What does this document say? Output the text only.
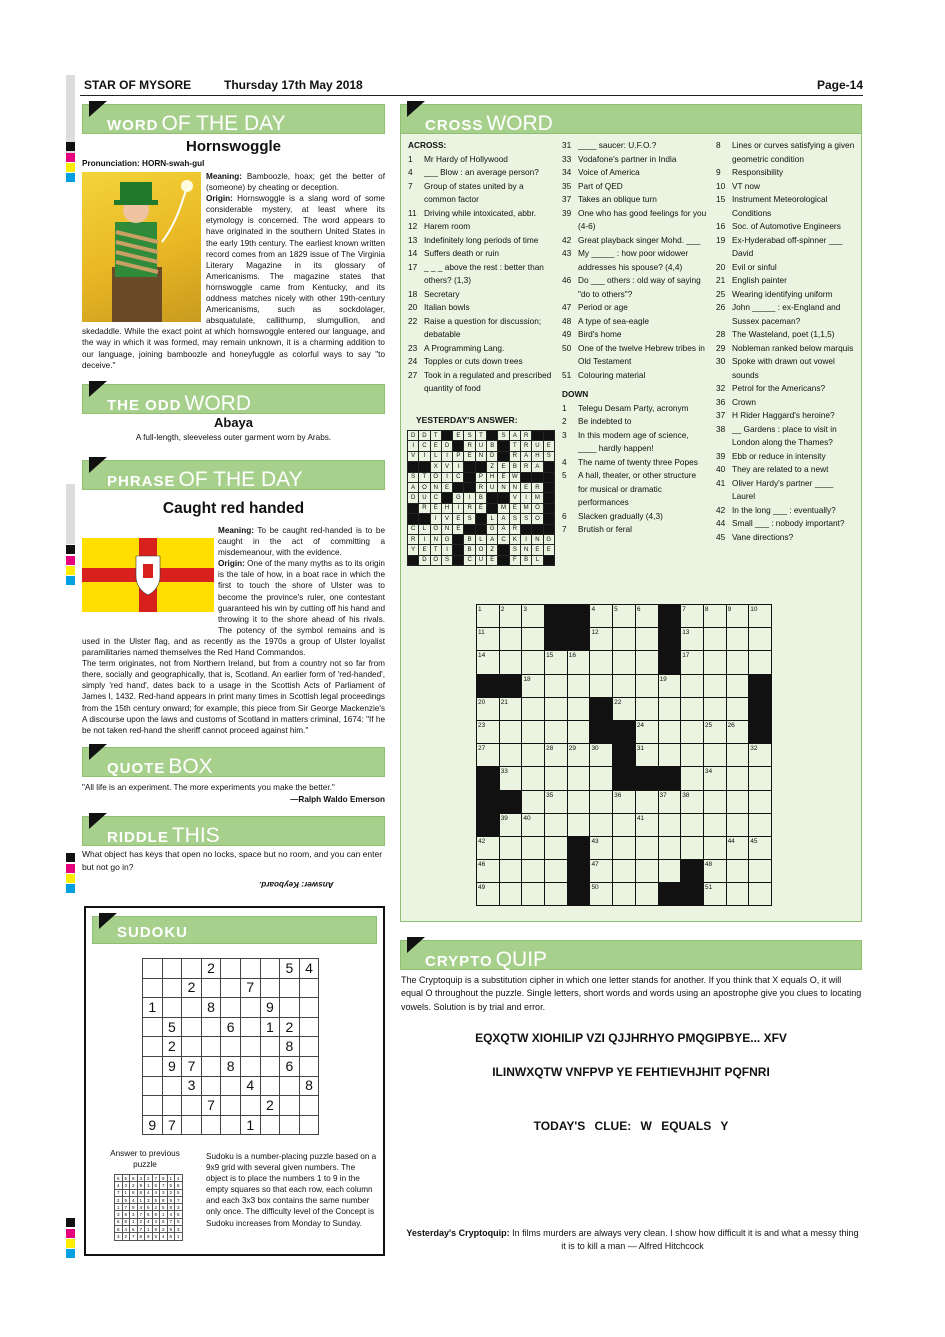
STAR OF MYSORE	Thursday 17th May 2018	Page-14
WORD OF THE DAY
Hornswoggle
Pronunciation: HORN-swah-gul
Meaning: Bamboozle, hoax; get the better of (someone) by cheating or deception.
Origin: Hornswoggle is a slang word of some considerable mystery, at least where its etymology is concerned. The word appears to have originated in the southern United States in the early 19th century. The earliest known written record comes from an 1829 issue of The Virginia Literary Magazine in its glossary of Americanisms. The magazine states that hornswoggle came from Kentucky, and its oddness matches nicely with other 19th-century Americanisms, such as sockdolager, absquatulate, callithump, slumgullion, and skedaddle. While the exact point at which hornswoggle entered our language, and the way in which it was formed, may remain unknown, it is a charming addition to our language, joining bamboozle and honeyfuggle as colorful ways to say "to deceive."
THE ODD WORD
Abaya
A full-length, sleeveless outer garment worn by Arabs.
PHRASE OF THE DAY
Caught red handed
Meaning: To be caught red-handed is to be caught in the act of committing a misdemeanour, with the evidence.
Origin: One of the many myths as to its origin is the tale of how, in a boat race in which the first to touch the shore of Ulster was to become the province's ruler, one contestant guaranteed his win by cutting off his hand and throwing it to the shore ahead of his rivals. The potency of the symbol remains and is used in the Ulster flag, and as recently as the 1970s a group of Ulster loyalist paramilitaries named themselves the Red Hand Commandos.
The term originates, not from Northern Ireland, but from a country not so far from there, socially and geographically, that is, Scotland. An earlier form of 'red-handed', simply 'red hand', dates back to a usage in the Scottish Acts of Parliament of James I, 1432. Red-hand appears in print many times in Scottish legal proceedings from the 15th century onward; for example, this piece from Sir George Mackenzie's A discourse upon the laws and customs of Scotland in matters criminal, 1674: "If he be not taken red-hand the sheriff cannot proceed against him."
QUOTE BOX
"All life is an experiment. The more experiments you make the better."
—Ralph Waldo Emerson
RIDDLE THIS
What object has keys that open no locks, space but no room, and you can enter but not go in?
Answer: Keyboard.
SUDOKU
			2				5	4
		2			7			
1			8			9		
	5			6		1	2	
	2						8	
	9	7		8			6	
		3			4			8
			7			2		
9	7				1			
Answer to previous puzzle
6	5	8	3	2	7	9	1	4
4	3	2	9	1	5	7	5	8
7	1	6	8	4	4	3	2	5
2	5	4	1	3	5	8	9	7
1	7	9	4	6	2	5	8	3
3	8	3	7	5	9	1	4	6
6	8	1	2	4	3	6	7	5
8	4	6	7	1	8	2	9	3
3	2	7	8	9	5	4	6	1
Sudoku is a number-placing puzzle based on a 9x9 grid with several given numbers. The object is to place the numbers 1 to 9 in the empty squares so that each row, each column and each 3x3 box contains the same number only once. The difficulty level of the Concept is Sudoku increases from Monday to Sunday.
CROSS WORD
ACROSS:
1	Mr Hardy of Hollywood
4	___ Blow : an average person?
7	Group of states united by a common factor
11 Driving while intoxicated, abbr.
12 Harem room
13 Indefinitely long periods of time
14 Suffers death or ruin
17 _ _ _ above the rest : better than others? (1,3)
18 Secretary
20 Italian bowls
22 Raise a question for discussion; debatable
23 A Programming Lang.
24 Topples or cuts down trees
27 Took in a regulated and prescribed quantity of food
YESTERDAY'S ANSWER:
D	D	T		E	S	T		S	A	R		
I	C	E	D		R	U	B		T	R	U	E
V	I	L	I	P	E	N	D		R	A	H	S
		X	V	I			Z	E	B	R	A	
S	T	O	I	C		P	H	E	W			
A	O	N	E			R	U	N	N	E	R	
D	U	C		G	I	B			V	I	M	
	R	E	H	I	R	E		M	E	M	O	
		I	V	E	S		L	A	S	S	O	
C	L	O	N	E			G	A	R			
R	I	N	G		B	L	A	C	K	I	N	G
Y	E	T	I		B	O	Z		S	N	E	E
	D	O	S		C	U	E		F	B	L	
31 ____ saucer: U.F.O.?
33 Vodafone's partner in India
34 Voice of America
35 Part of QED
37 Takes an oblique turn
39 One who has good feelings for you (4-6)
42 Great playback singer Mohd. ___
43 My _____ : how poor widower addresses his spouse? (4,4)
46 Do ___ others : old way of saying "do to others"?
47 Period or age
48 A type of sea-eagle
49 Bird's home
50 One of the twelve Hebrew tribes in Old Testament
51 Colouring material
DOWN
1	Telegu Desam Party, acronym
2	Be indebted to
3	In this modern age of science, ____ hardly happen!
4	The name of twenty three Popes
5	A hall, theater, or other structure for musical or dramatic performances
6	Slacken gradually (4,3)
7	Brutish or feral
8	Lines or curves satisfying a given geometric condition
9	Responsibility
10 VT now
15 Instrument Meteorological Conditions
16 Soc. of Automotive Engineers
19 Ex-Hyderabad off-spinner ___ David
20 Evil or sinful
21 English painter
25 Wearing identifying uniform
26 John _____ : ex-England and Sussex paceman?
28 The Wasteland, poet (1,1,5)
29 Nobleman ranked below marquis
30 Spoke with drawn out vowel sounds
32 Petrol for the Americans?
36 Crown
37 H Rider Haggard's heroine?
38 __ Gardens : place to visit in London along the Thames?
39 Ebb or reduce in intensity
40 They are related to a newt
41 Oliver Hardy's partner ____ Laurel
42 In the long ___ : eventually?
44 Small ___ : nobody important?
45 Vane directions?
1	2	3			4	5	6		7	8	9	10
11					12				13			
14			15	16					17			
		18						19				
20	21					22						
23							24			25	26	
27			28	29	30		31					32
	33									34		
			35			36		37	38			
	39	40					41					
42					43						44	45
46					47					48		
49					50					51		
CRYPTO QUIP
The Cryptoquip is a substitution cipher in which one letter stands for another. If you think that X equals O, it will equal O throughout the puzzle. Single letters, short words and words using an apostrophe give you clues to locating vowels. Solution is by trial and error.
EQXQTW XIOHILIP VZI QJJHRHYO PMQGIPBYE... XFV
ILINWXQTW VNFPVP YE FEHTIEVHJHIT PQFNRI
TODAY'S CLUE: W EQUALS Y
Yesterday's Cryptoquip: In films murders are always very clean. I show how difficult it is and what a messy thing it is to kill a man — Alfred Hitchcock
